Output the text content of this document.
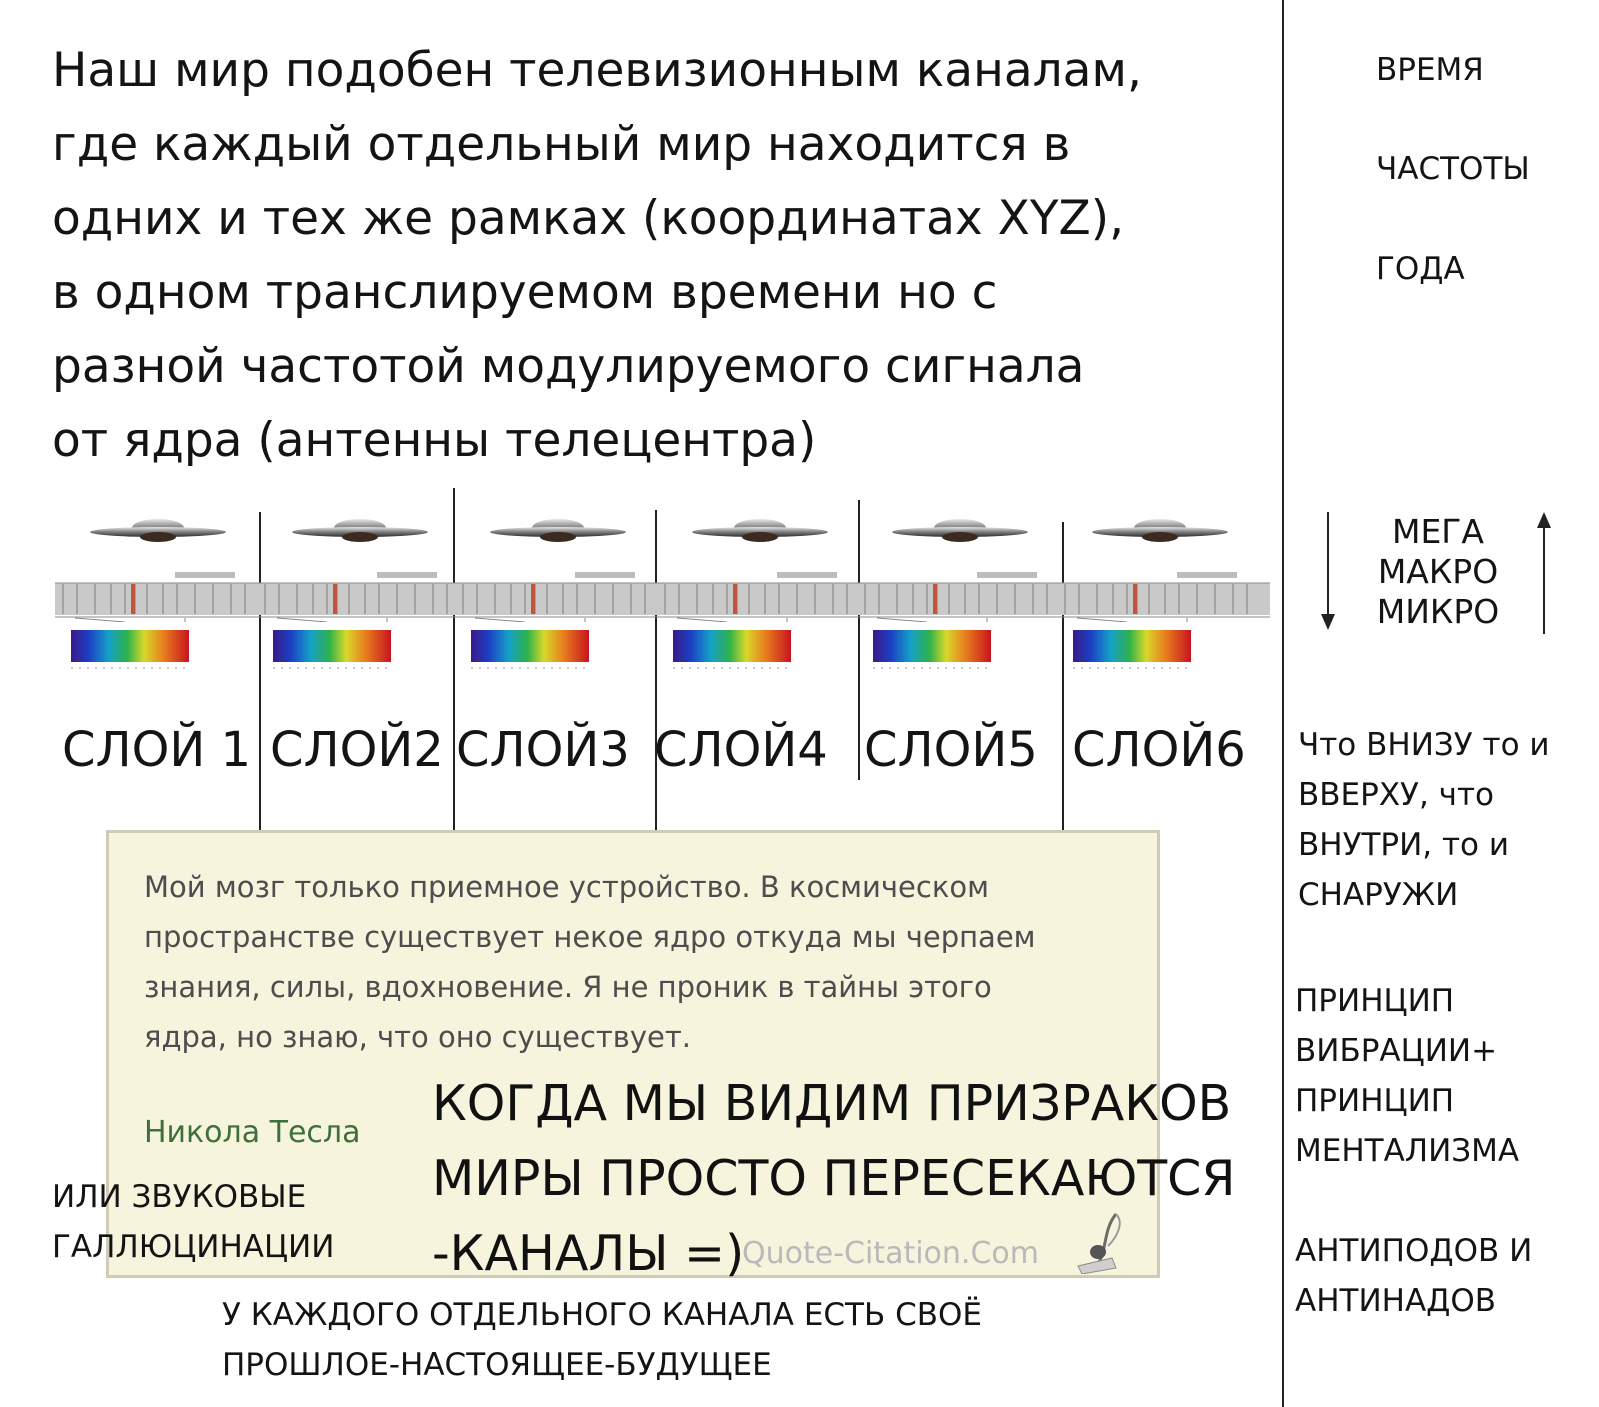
Наш мир подобен телевизионным каналам,
где каждый отдельный мир находится в
одних и тех же рамках (координатах XYZ),
в одном транслируемом времени но с
разной частотой модулируемого сигнала
от ядра (антенны телецентра)
ВРЕМЯ
ЧАСТОТЫ
ГОДА
МЕГА
МАКРО
МИКРО
Что ВНИЗУ то и
ВВЕРХУ, что
ВНУТРИ, то и
СНАРУЖИ
ПРИНЦИП
ВИБРАЦИИ+
ПРИНЦИП
МЕНТАЛИЗМА
АНТИПОДОВ И
АНТИНАДОВ
СЛОЙ 1 СЛОЙ2 СЛОЙ3 СЛОЙ4 СЛОЙ5 СЛОЙ6
Мой мозг только приемное устройство. В космическом
пространстве существует некое ядро откуда мы черпаем
знания, силы, вдохновение. Я не проник в тайны этого
ядра, но знаю, что оно существует.
Никола Тесла
Quote-Citation.Com
КОГДА МЫ ВИДИМ ПРИЗРАКОВ
МИРЫ ПРОСТО ПЕРЕСЕКАЮТСЯ
-КАНАЛЫ =)
ИЛИ ЗВУКОВЫЕ
ГАЛЛЮЦИНАЦИИ
У КАЖДОГО ОТДЕЛЬНОГО КАНАЛА ЕСТЬ СВОЁ
ПРОШЛОЕ-НАСТОЯЩЕЕ-БУДУЩЕЕ
